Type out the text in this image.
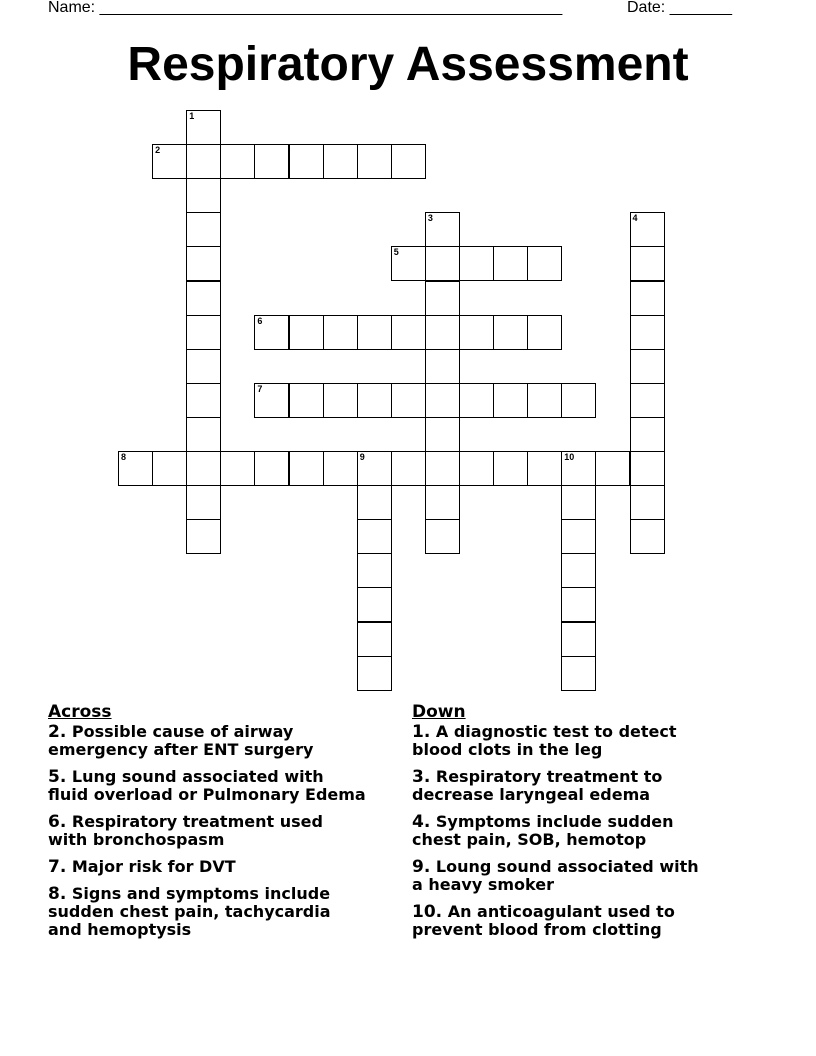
Name: ____________________________________________________	Date: _______
Respiratory Assessment
1
2
3	4
5
6
7
8	9	10
Across
2. Possible cause of airway
emergency after ENT surgery
5. Lung sound associated with
fluid overload or Pulmonary Edema
6. Respiratory treatment used
with bronchospasm
7. Major risk for DVT
8. Signs and symptoms include
sudden chest pain, tachycardia
and hemoptysis
Down
1. A diagnostic test to detect
blood clots in the leg
3. Respiratory treatment to
decrease laryngeal edema
4. Symptoms include sudden
chest pain, SOB, hemotop
9. Loung sound associated with
a heavy smoker
10. An anticoagulant used to
prevent blood from clotting
